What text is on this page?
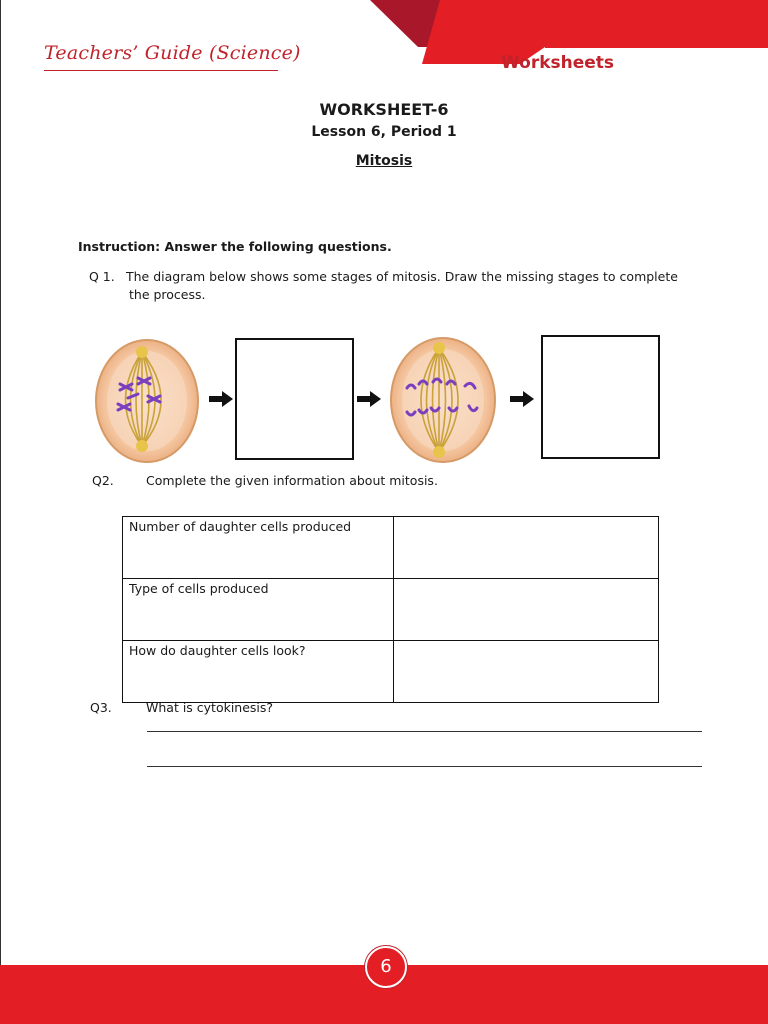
Teachers’ Guide (Science)	Worksheets
WORKSHEET-6
Lesson 6, Period 1
Mitosis
Instruction: Answer the following questions.
Q 1. The diagram below shows some stages of mitosis. Draw the missing stages to complete
the process.
Q2.	Complete the given information about mitosis.
Number of daughter cells produced	
Type of cells produced	
How do daughter cells look?	
Q3.	What is cytokinesis?
6
